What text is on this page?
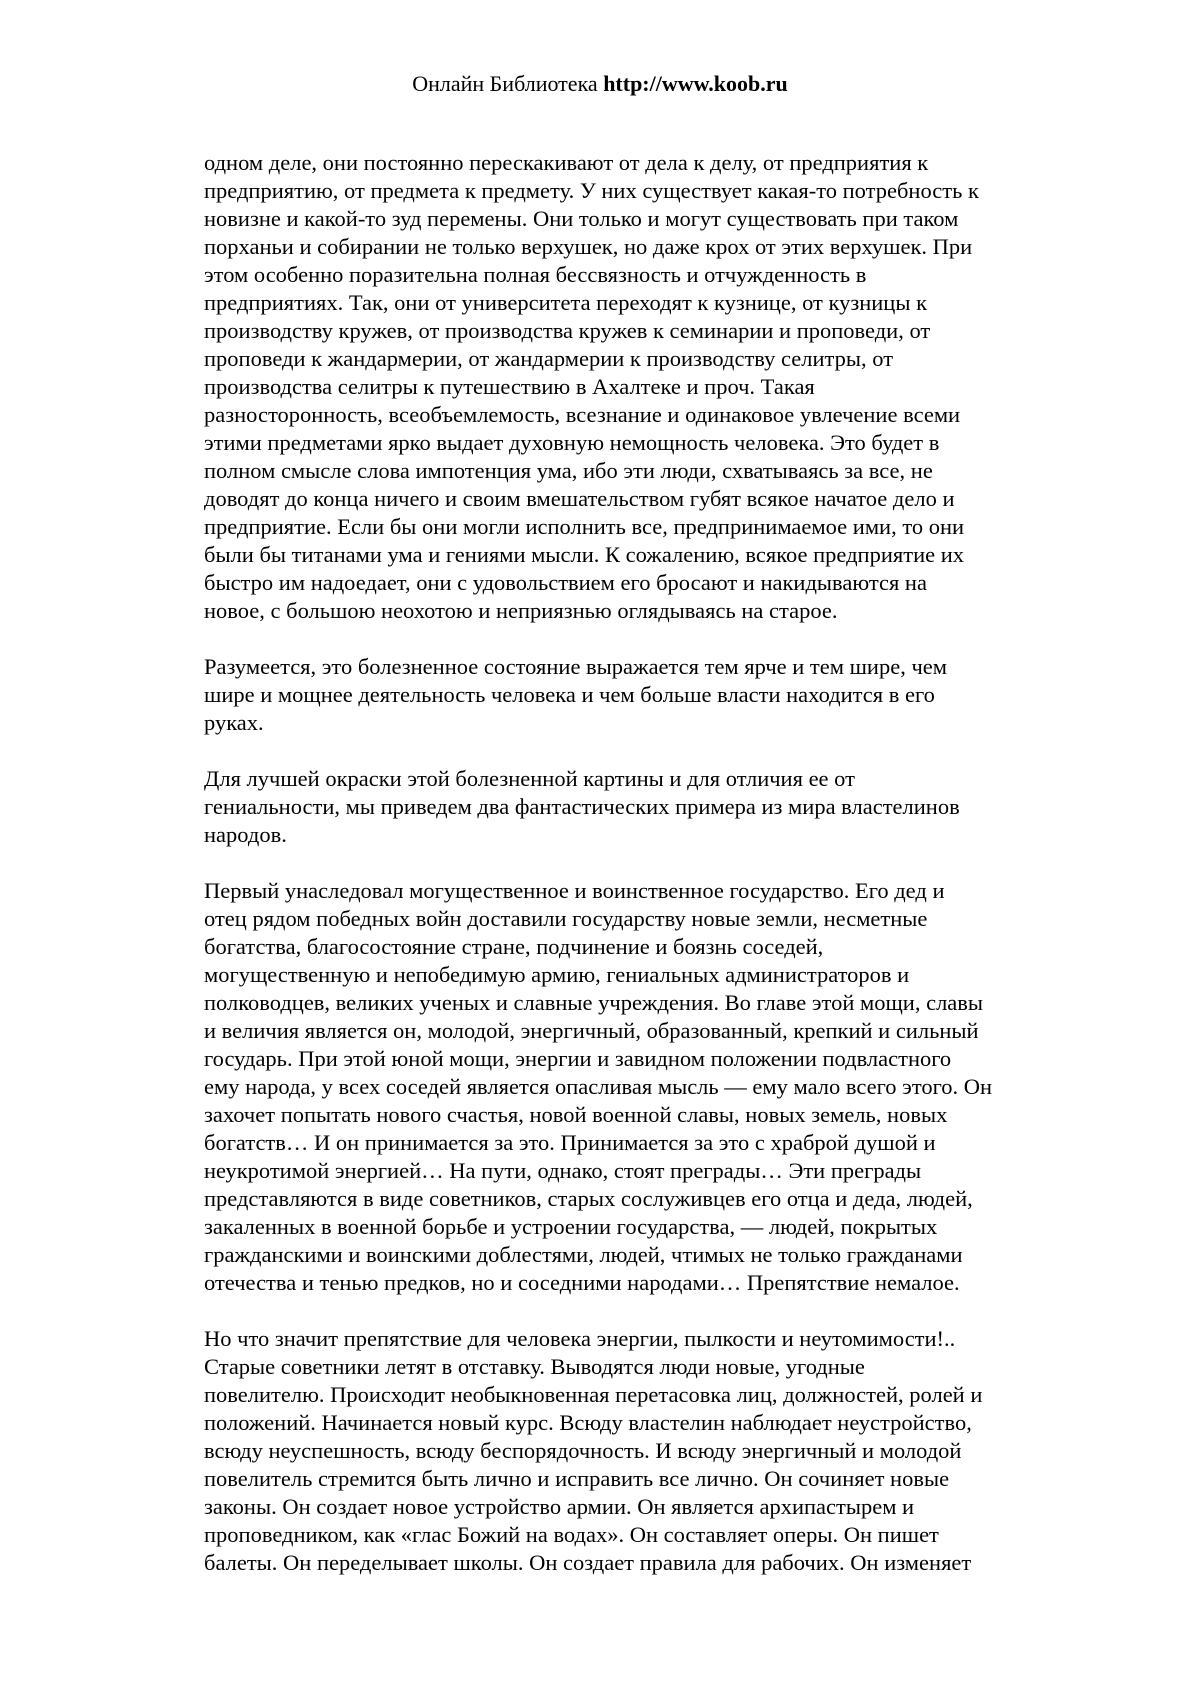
Онлайн Библиотека http://www.koob.ru
одном деле, они постоянно перескакивают от дела к делу, от предприятия к
предприятию, от предмета к предмету. У них существует какая-то потребность к
новизне и какой-то зуд перемены. Они только и могут существовать при таком
порханьи и собирании не только верхушек, но даже крох от этих верхушек. При
этом особенно поразительна полная бессвязность и отчужденность в
предприятиях. Так, они от университета переходят к кузнице, от кузницы к
производству кружев, от производства кружев к семинарии и проповеди, от
проповеди к жандармерии, от жандармерии к производству селитры, от
производства селитры к путешествию в Ахалтеке и проч. Такая
разносторонность, всеобъемлемость, всезнание и одинаковое увлечение всеми
этими предметами ярко выдает духовную немощность человека. Это будет в
полном смысле слова импотенция ума, ибо эти люди, схватываясь за все, не
доводят до конца ничего и своим вмешательством губят всякое начатое дело и
предприятие. Если бы они могли исполнить все, предпринимаемое ими, то они
были бы титанами ума и гениями мысли. К сожалению, всякое предприятие их
быстро им надоедает, они с удовольствием его бросают и накидываются на
новое, с большою неохотою и неприязнью оглядываясь на старое.
Разумеется, это болезненное состояние выражается тем ярче и тем шире, чем
шире и мощнее деятельность человека и чем больше власти находится в его
руках.
Для лучшей окраски этой болезненной картины и для отличия ее от
гениальности, мы приведем два фантастических примера из мира властелинов
народов.
Первый унаследовал могущественное и воинственное государство. Его дед и
отец рядом победных войн доставили государству новые земли, несметные
богатства, благосостояние стране, подчинение и боязнь соседей,
могущественную и непобедимую армию, гениальных администраторов и
полководцев, великих ученых и славные учреждения. Во главе этой мощи, славы
и величия является он, молодой, энергичный, образованный, крепкий и сильный
государь. При этой юной мощи, энергии и завидном положении подвластного
ему народа, у всех соседей является опасливая мысль — ему мало всего этого. Он
захочет попытать нового счастья, новой военной славы, новых земель, новых
богатств… И он принимается за это. Принимается за это с храброй душой и
неукротимой энергией… На пути, однако, стоят преграды… Эти преграды
представляются в виде советников, старых сослуживцев его отца и деда, людей,
закаленных в военной борьбе и устроении государства, — людей, покрытых
гражданскими и воинскими доблестями, людей, чтимых не только гражданами
отечества и тенью предков, но и соседними народами… Препятствие немалое.
Но что значит препятствие для человека энергии, пылкости и неутомимости!..
Старые советники летят в отставку. Выводятся люди новые, угодные
повелителю. Происходит необыкновенная перетасовка лиц, должностей, ролей и
положений. Начинается новый курс. Всюду властелин наблюдает неустройство,
всюду неуспешность, всюду беспорядочность. И всюду энергичный и молодой
повелитель стремится быть лично и исправить все лично. Он сочиняет новые
законы. Он создает новое устройство армии. Он является архипастырем и
проповедником, как «глас Божий на водах». Он составляет оперы. Он пишет
балеты. Он переделывает школы. Он создает правила для рабочих. Он изменяет
